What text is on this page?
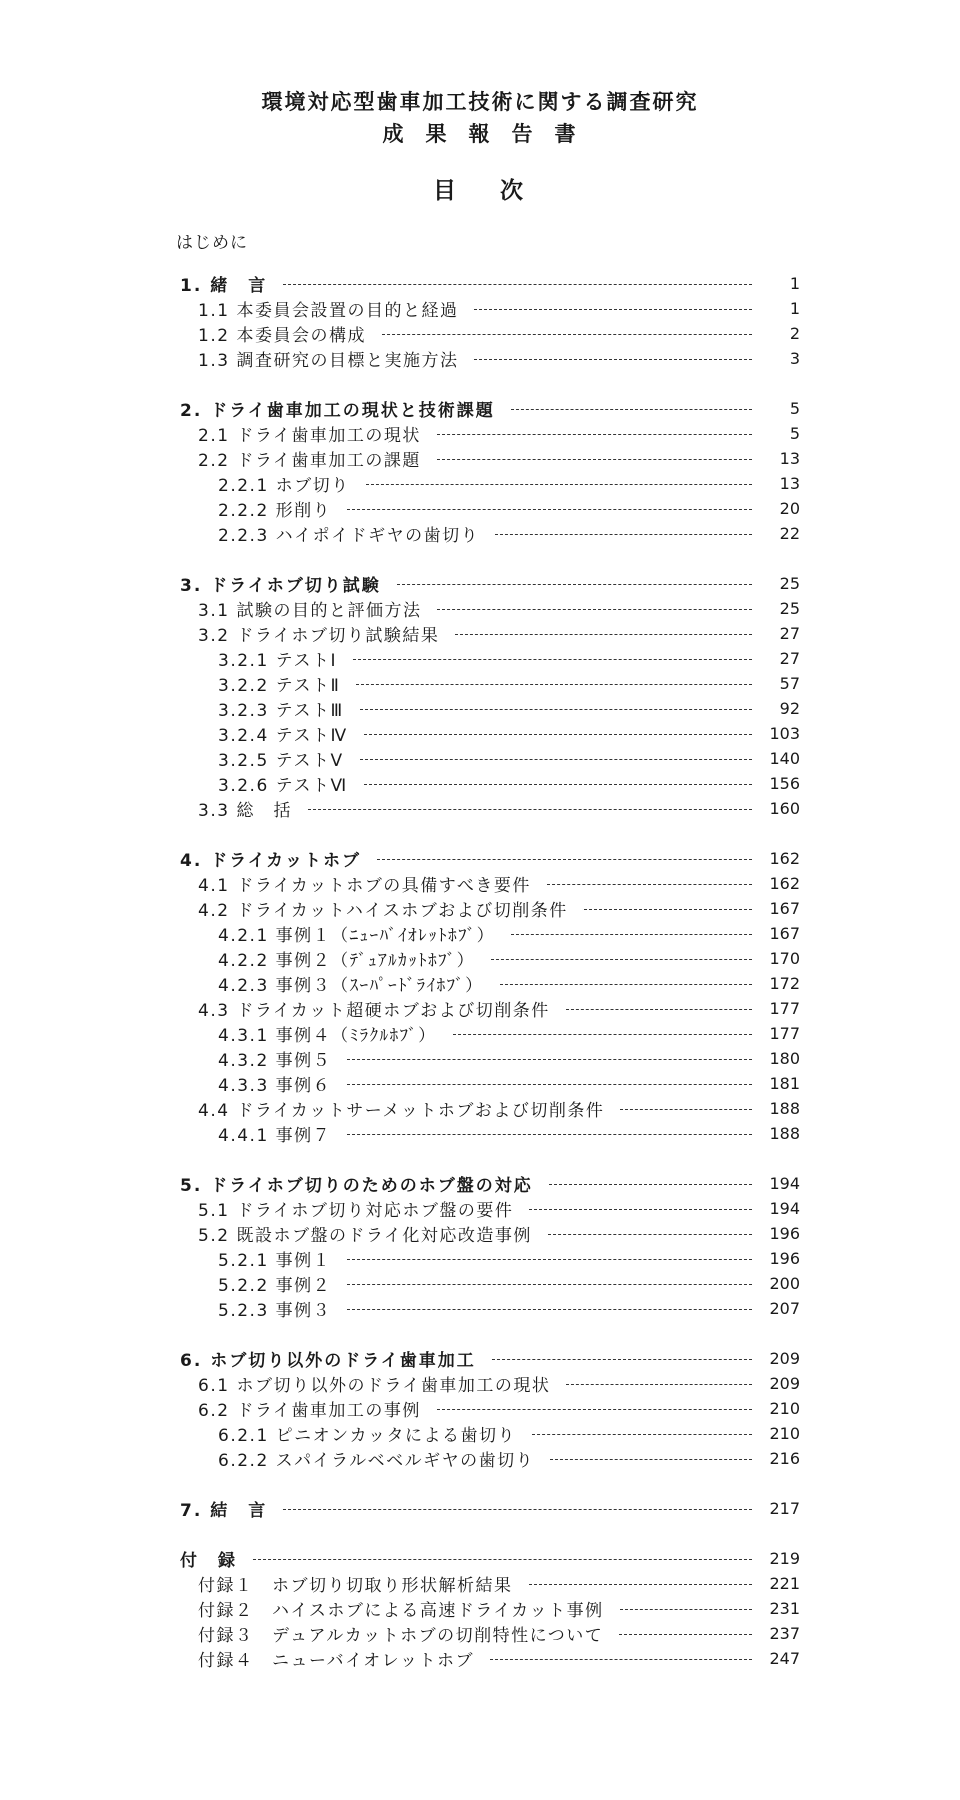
環境対応型歯車加工技術に関する調査研究
成果報告書
目次
はじめに
1. 緒　言	1
1.1 本委員会設置の目的と経過	1
1.2 本委員会の構成	2
1.3 調査研究の目標と実施方法	3
2. ドライ歯車加工の現状と技術課題	5
2.1 ドライ歯車加工の現状	5
2.2 ドライ歯車加工の課題	13
2.2.1 ホブ切り	13
2.2.2 形削り	20
2.2.3 ハイポイドギヤの歯切り	22
3. ドライホブ切り試験	25
3.1 試験の目的と評価方法	25
3.2 ドライホブ切り試験結果	27
3.2.1 テストⅠ	27
3.2.2 テストⅡ	57
3.2.3 テストⅢ	92
3.2.4 テストⅣ	103
3.2.5 テストⅤ	140
3.2.6 テストⅥ	156
3.3 総　括	160
4. ドライカットホブ	162
4.1 ドライカットホブの具備すべき要件	162
4.2 ドライカットハイスホブおよび切削条件	167
4.2.1 事例１（ﾆｭｰﾊﾞｲｵﾚｯﾄﾎﾌﾞ）	167
4.2.2 事例２（ﾃﾞｭｱﾙｶｯﾄﾎﾌﾞ）	170
4.2.3 事例３（ｽｰﾊﾟｰﾄﾞﾗｲﾎﾌﾞ）	172
4.3 ドライカット超硬ホブおよび切削条件	177
4.3.1 事例４（ﾐﾗｸﾙﾎﾌﾞ）	177
4.3.2 事例５	180
4.3.3 事例６	181
4.4 ドライカットサーメットホブおよび切削条件	188
4.4.1 事例７	188
5. ドライホブ切りのためのホブ盤の対応	194
5.1 ドライホブ切り対応ホブ盤の要件	194
5.2 既設ホブ盤のドライ化対応改造事例	196
5.2.1 事例１	196
5.2.2 事例２	200
5.2.3 事例３	207
6. ホブ切り以外のドライ歯車加工	209
6.1 ホブ切り以外のドライ歯車加工の現状	209
6.2 ドライ歯車加工の事例	210
6.2.1 ピニオンカッタによる歯切り	210
6.2.2 スパイラルベベルギヤの歯切り	216
7. 結　言	217
付　録	219
付録１　ホブ切り切取り形状解析結果	221
付録２　ハイスホブによる高速ドライカット事例	231
付録３　デュアルカットホブの切削特性について	237
付録４　ニューバイオレットホブ	247
